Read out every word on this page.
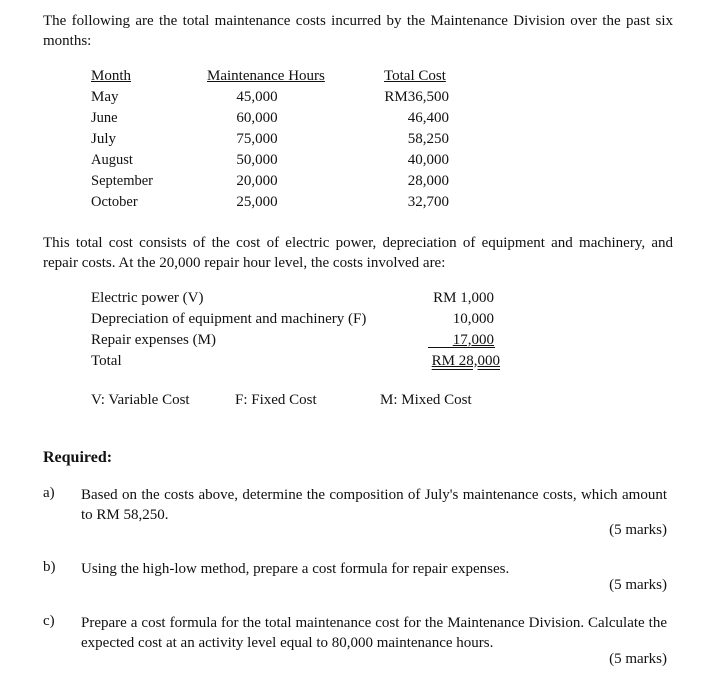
The following are the total maintenance costs incurred by the Maintenance Division over the past six months:
Month	Maintenance Hours	Total Cost
May	45,000	RM36,500
June	60,000	46,400
July	75,000	58,250
August	50,000	40,000
September	20,000	28,000
October	25,000	32,700
This total cost consists of the cost of electric power, depreciation of equipment and machinery, and repair costs. At the 20,000 repair hour level, the costs involved are:
Electric power (V)	RM 1,000
Depreciation of equipment and machinery (F)	10,000
Repair expenses (M)	17,000
Total	RM 28,000
V: Variable Cost	F: Fixed Cost	M: Mixed Cost
Required:
a) Based on the costs above, determine the composition of July's maintenance costs, which amount to RM 58,250.
(5 marks)
b) Using the high-low method, prepare a cost formula for repair expenses.
(5 marks)
c) Prepare a cost formula for the total maintenance cost for the Maintenance Division. Calculate the expected cost at an activity level equal to 80,000 maintenance hours.
(5 marks)
